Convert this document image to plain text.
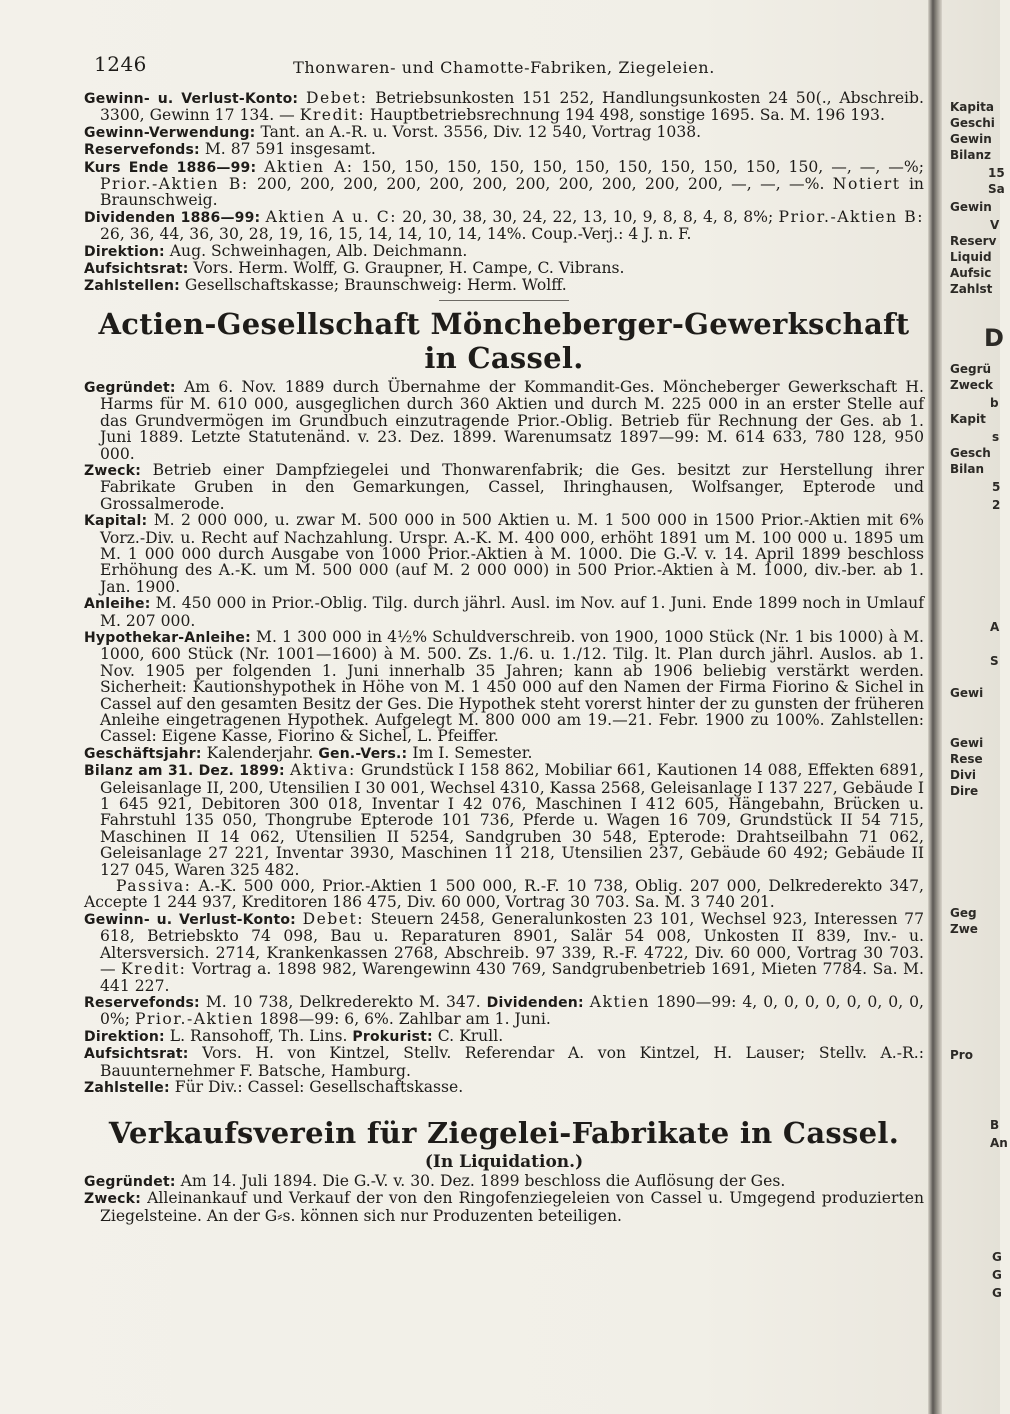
1246	Thonwaren- und Chamotte-Fabriken, Ziegeleien.

Gewinn- u. Verlust-Konto: Debet: Betriebsunkosten 151 252, Handlungsunkosten 24 50(., Abschreib. 3300, Gewinn 17 134. — Kredit: Hauptbetriebsrechnung 194 498, sonstige 1695. Sa. M. 196 193.

Gewinn-Verwendung: Tant. an A.-R. u. Vorst. 3556, Div. 12 540, Vortrag 1038.

Reservefonds: M. 87 591 insgesamt.

Kurs Ende 1886—99: Aktien A: 150, 150, 150, 150, 150, 150, 150, 150, 150, 150, 150, —, —, —%; Prior.-Aktien B: 200, 200, 200, 200, 200, 200, 200, 200, 200, 200, 200, —, —, —%. Notiert in Braunschweig.

Dividenden 1886—99: Aktien A u. C: 20, 30, 38, 30, 24, 22, 13, 10, 9, 8, 8, 4, 8, 8%; Prior.-Aktien B: 26, 36, 44, 36, 30, 28, 19, 16, 15, 14, 14, 10, 14, 14%. Coup.-Verj.: 4 J. n. F.

Direktion: Aug. Schweinhagen, Alb. Deichmann.

Aufsichtsrat: Vors. Herm. Wolff, G. Graupner, H. Campe, C. Vibrans.

Zahlstellen: Gesellschaftskasse; Braunschweig: Herm. Wolff.

Actien-Gesellschaft Möncheberger-Gewerkschaft in Cassel.

Gegründet: Am 6. Nov. 1889 durch Übernahme der Kommandit-Ges. Möncheberger Gewerkschaft H. Harms für M. 610 000, ausgeglichen durch 360 Aktien und durch M. 225 000 in an erster Stelle auf das Grundvermögen im Grundbuch einzutragende Prior.-Oblig. Betrieb für Rechnung der Ges. ab 1. Juni 1889. Letzte Statutenänd. v. 23. Dez. 1899. Warenumsatz 1897—99: M. 614 633, 780 128, 950 000.

Zweck: Betrieb einer Dampfziegelei und Thonwarenfabrik; die Ges. besitzt zur Herstellung ihrer Fabrikate Gruben in den Gemarkungen, Cassel, Ihringhausen, Wolfsanger, Epterode und Grossalmerode.

Kapital: M. 2 000 000, u. zwar M. 500 000 in 500 Aktien u. M. 1 500 000 in 1500 Prior.-Aktien mit 6% Vorz.-Div. u. Recht auf Nachzahlung. Urspr. A.-K. M. 400 000, erhöht 1891 um M. 100 000 u. 1895 um M. 1 000 000 durch Ausgabe von 1000 Prior.-Aktien à M. 1000. Die G.-V. v. 14. April 1899 beschloss Erhöhung des A.-K. um M. 500 000 (auf M. 2 000 000) in 500 Prior.-Aktien à M. 1000, div.-ber. ab 1. Jan. 1900.

Anleihe: M. 450 000 in Prior.-Oblig. Tilg. durch jährl. Ausl. im Nov. auf 1. Juni. Ende 1899 noch in Umlauf M. 207 000.

Hypothekar-Anleihe: M. 1 300 000 in 4½% Schuldverschreib. von 1900, 1000 Stück (Nr. 1 bis 1000) à M. 1000, 600 Stück (Nr. 1001—1600) à M. 500. Zs. 1./6. u. 1./12. Tilg. lt. Plan durch jährl. Auslos. ab 1. Nov. 1905 per folgenden 1. Juni innerhalb 35 Jahren; kann ab 1906 beliebig verstärkt werden. Sicherheit: Kautionshypothek in Höhe von M. 1 450 000 auf den Namen der Firma Fiorino & Sichel in Cassel auf den gesamten Besitz der Ges. Die Hypothek steht vorerst hinter der zu gunsten der früheren Anleihe eingetragenen Hypothek. Aufgelegt M. 800 000 am 19.—21. Febr. 1900 zu 100%. Zahlstellen: Cassel: Eigene Kasse, Fiorino & Sichel, L. Pfeiffer.

Geschäftsjahr: Kalenderjahr. Gen.-Vers.: Im I. Semester.

Bilanz am 31. Dez. 1899: Aktiva: Grundstück I 158 862, Mobiliar 661, Kautionen 14 088, Effekten 6891, Geleisanlage II, 200, Utensilien I 30 001, Wechsel 4310, Kassa 2568, Geleisanlage I 137 227, Gebäude I 1 645 921, Debitoren 300 018, Inventar I 42 076, Maschinen I 412 605, Hängebahn, Brücken u. Fahrstuhl 135 050, Thongrube Epterode 101 736, Pferde u. Wagen 16 709, Grundstück II 54 715, Maschinen II 14 062, Utensilien II 5254, Sandgruben 30 548, Epterode: Drahtseilbahn 71 062, Geleisanlage 27 221, Inventar 3930, Maschinen 11 218, Utensilien 237, Gebäude 60 492; Gebäude II 127 045, Waren 325 482.

Passiva: A.-K. 500 000, Prior.-Aktien 1 500 000, R.-F. 10 738, Oblig. 207 000, Delkrederekto 347, Accepte 1 244 937, Kreditoren 186 475, Div. 60 000, Vortrag 30 703. Sa. M. 3 740 201.

Gewinn- u. Verlust-Konto: Debet: Steuern 2458, Generalunkosten 23 101, Wechsel 923, Interessen 77 618, Betriebskto 74 098, Bau u. Reparaturen 8901, Salär 54 008, Unkosten II 839, Inv.- u. Altersversich. 2714, Krankenkassen 2768, Abschreib. 97 339, R.-F. 4722, Div. 60 000, Vortrag 30 703. — Kredit: Vortrag a. 1898 982, Warengewinn 430 769, Sandgrubenbetrieb 1691, Mieten 7784. Sa. M. 441 227.

Reservefonds: M. 10 738, Delkrederekto M. 347. Dividenden: Aktien 1890—99: 4, 0, 0, 0, 0, 0, 0, 0, 0, 0%; Prior.-Aktien 1898—99: 6, 6%. Zahlbar am 1. Juni.

Direktion: L. Ransohoff, Th. Lins. Prokurist: C. Krull.

Aufsichtsrat: Vors. H. von Kintzel, Stellv. Referendar A. von Kintzel, H. Lauser; Stellv. A.-R.: Bauunternehmer F. Batsche, Hamburg.

Zahlstelle: Für Div.: Cassel: Gesellschaftskasse.

Verkaufsverein für Ziegelei-Fabrikate in Cassel.
(In Liquidation.)

Gegründet: Am 14. Juli 1894. Die G.-V. v. 30. Dez. 1899 beschloss die Auflösung der Ges.

Zweck: Alleinankauf und Verkauf der von den Ringofenziegeleien von Cassel u. Umgegend produzierten Ziegelsteine. An der G⸗s. können sich nur Produzenten beteiligen.

Kapita
Geschi
Gewin
Bilanz
15
Sa
Gewin
V
Reserv
Liquid
Aufsic
Zahlst
D
Gegrü
Zweck
b
Kapit
s
Gesch
Bilan
5
2
A
S
Gewi
Gewi
Rese
Divi
Dire
Geg
Zwe
Pro
B
An
G
G
G
